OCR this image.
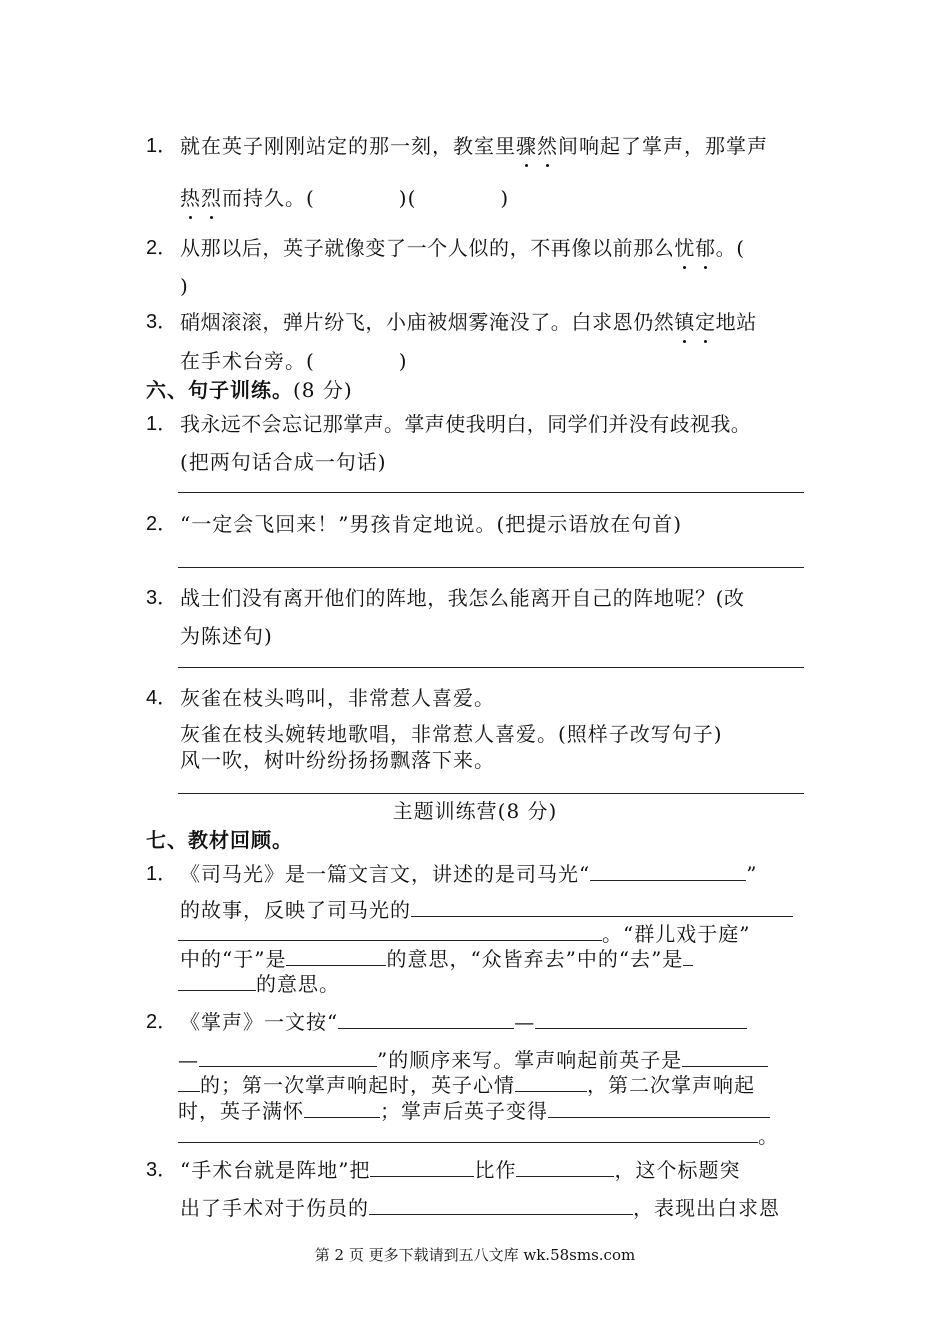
1． 就在英子刚刚站定的那一刻，教室里骤然间响起了掌声，那掌声
热烈而持久。(　　　　)(　　　　)
2． 从那以后，英子就像变了一个人似的，不再像以前那么忧郁。(
)
3． 硝烟滚滚，弹片纷飞，小庙被烟雾淹没了。白求恩仍然镇定地站
在手术台旁。(　　　　)
六、句子训练。(8 分)
1． 我永远不会忘记那掌声。掌声使我明白，同学们并没有歧视我。
(把两句话合成一句话)
2． “一定会飞回来！”男孩肯定地说。(把提示语放在句首)
3． 战士们没有离开他们的阵地，我怎么能离开自己的阵地呢？(改
为陈述句)
4． 灰雀在枝头鸣叫，非常惹人喜爱。
灰雀在枝头婉转地歌唱，非常惹人喜爱。(照样子改写句子)
风一吹，树叶纷纷扬扬飘落下来。
主题训练营(8 分)
七、教材回顾。
1． 《司马光》是一篇文言文，讲述的是司马光“	”
的故事，反映了司马光的
。“群儿戏于庭”
中的“于”是	的意思，“众皆弃去”中的“去”是
的意思。
2． 《掌声》一文按“	—
—	”的顺序来写。掌声响起前英子是
的；第一次掌声响起时，英子心情	，第二次掌声响起
时，英子满怀	；掌声后英子变得
。
3． “手术台就是阵地”把	比作	，这个标题突
出了手术对于伤员的	，表现出白求恩
第 2 页 更多下载请到五八文库 wk.58sms.com
